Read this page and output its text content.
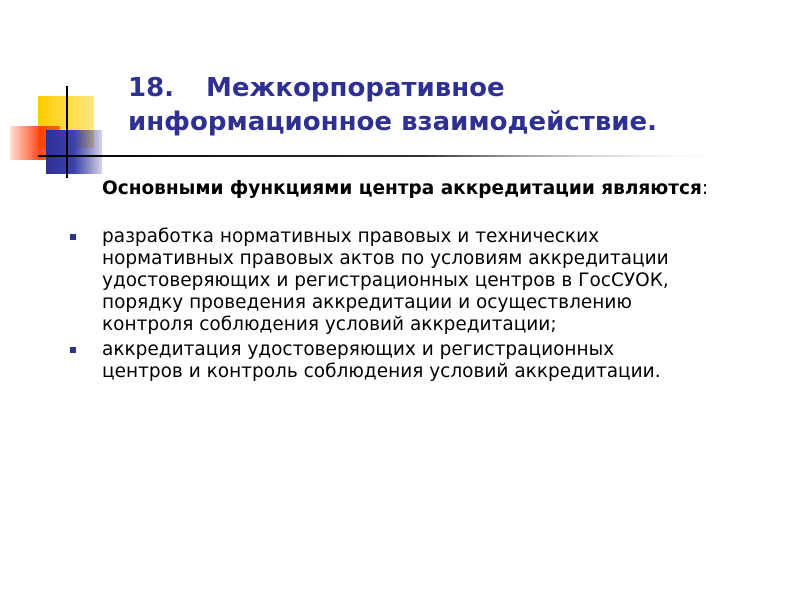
18. Межкорпоративное
информационное взаимодействие.

Основными функциями центра аккредитации являются:

разработка нормативных правовых и технических
нормативных правовых актов по условиям аккредитации
удостоверяющих и регистрационных центров в ГосСУОК,
порядку проведения аккредитации и осуществлению
контроля соблюдения условий аккредитации;
аккредитация удостоверяющих и регистрационных
центров и контроль соблюдения условий аккредитации.
